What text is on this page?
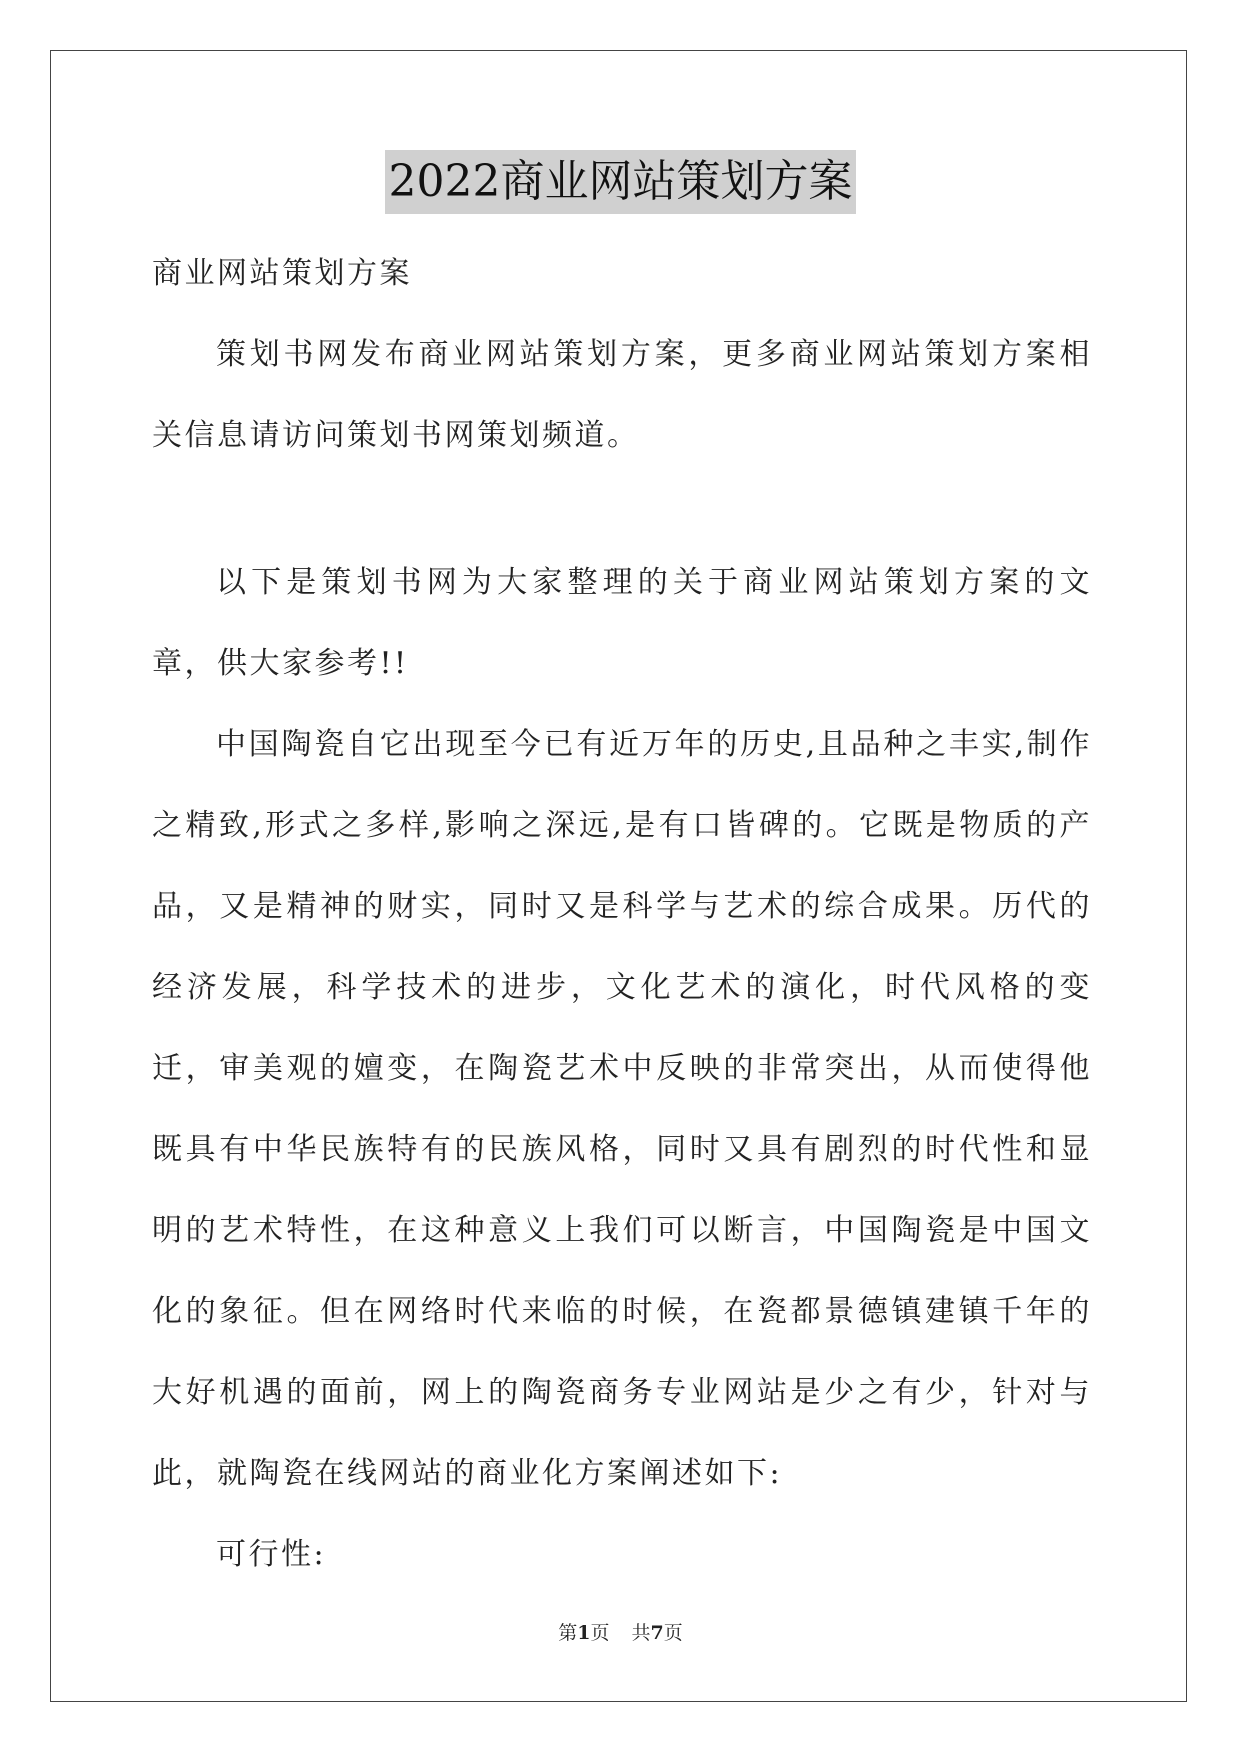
2022商业网站策划方案

商业网站策划方案

策划书网发布商业网站策划方案，更多商业网站策划方案相关信息请访问策划书网策划频道。

以下是策划书网为大家整理的关于商业网站策划方案的文章，供大家参考!!

中国陶瓷自它出现至今已有近万年的历史,且品种之丰实,制作之精致,形式之多样,影响之深远,是有口皆碑的。它既是物质的产品，又是精神的财实，同时又是科学与艺术的综合成果。历代的经济发展，科学技术的进步，文化艺术的演化，时代风格的变迁，审美观的嬗变，在陶瓷艺术中反映的非常突出，从而使得他既具有中华民族特有的民族风格，同时又具有剧烈的时代性和显明的艺术特性，在这种意义上我们可以断言，中国陶瓷是中国文化的象征。但在网络时代来临的时候，在瓷都景德镇建镇千年的大好机遇的面前，网上的陶瓷商务专业网站是少之有少，针对与此，就陶瓷在线网站的商业化方案阐述如下:

可行性:

第1页 共7页
